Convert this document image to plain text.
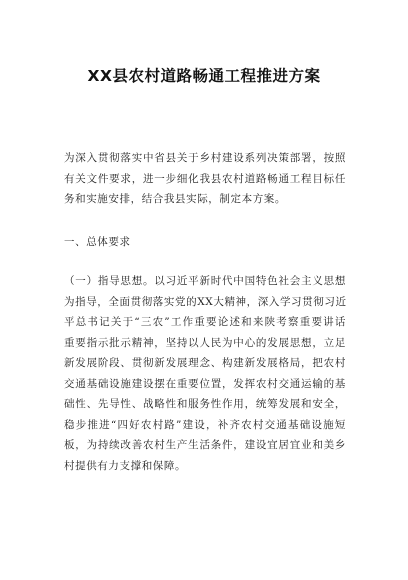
XX县农村道路畅通工程推进方案
为深入贯彻落实中省县关于乡村建设系列决策部署，按照
有关文件要求，进一步细化我县农村道路畅通工程目标任
务和实施安排，结合我县实际，制定本方案。
一、总体要求
（一）指导思想。以习近平新时代中国特色社会主义思想
为指导，全面贯彻落实党的XX大精神，深入学习贯彻习近
平总书记关于“三农”工作重要论述和来陕考察重要讲话
重要指示批示精神，坚持以人民为中心的发展思想，立足
新发展阶段、贯彻新发展理念、构建新发展格局，把农村
交通基础设施建设摆在重要位置，发挥农村交通运输的基
础性、先导性、战略性和服务性作用，统筹发展和安全，
稳步推进“四好农村路”建设，补齐农村交通基础设施短
板，为持续改善农村生产生活条件，建设宜居宜业和美乡
村提供有力支撑和保障。
